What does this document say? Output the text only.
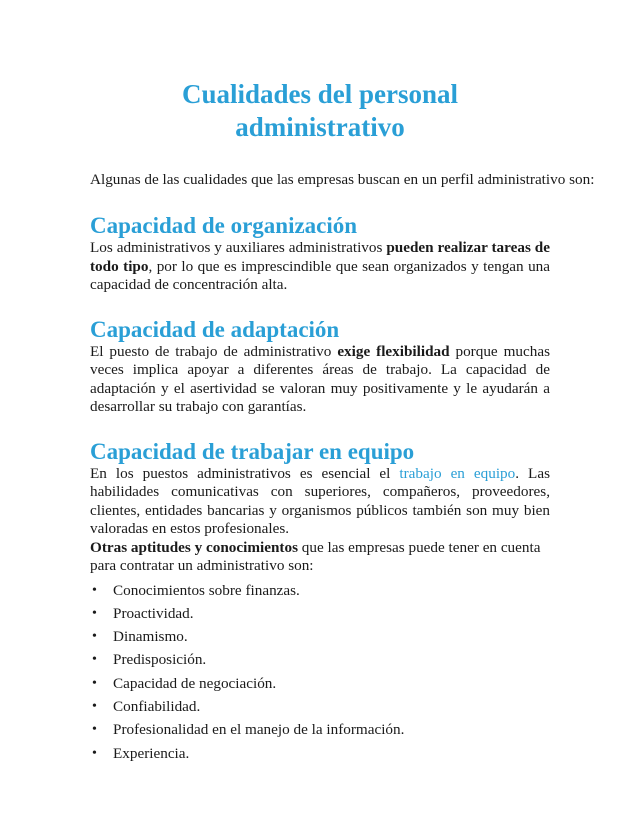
Cualidades del personal administrativo

Algunas de las cualidades que las empresas buscan en un perfil administrativo son:

Capacidad de organización

Los administrativos y auxiliares administrativos pueden realizar tareas de todo tipo, por lo que es imprescindible que sean organizados y tengan una capacidad de concentración alta.

Capacidad de adaptación

El puesto de trabajo de administrativo exige flexibilidad porque muchas veces implica apoyar a diferentes áreas de trabajo. La capacidad de adaptación y el asertividad se valoran muy positivamente y le ayudarán a desarrollar su trabajo con garantías.

Capacidad de trabajar en equipo

En los puestos administrativos es esencial el trabajo en equipo. Las habilidades comunicativas con superiores, compañeros, proveedores, clientes, entidades bancarias y organismos públicos también son muy bien valoradas en estos profesionales.

Otras aptitudes y conocimientos que las empresas puede tener en cuenta para contratar un administrativo son:

• Conocimientos sobre finanzas.
• Proactividad.
• Dinamismo.
• Predisposición.
• Capacidad de negociación.
• Confiabilidad.
• Profesionalidad en el manejo de la información.
• Experiencia.
